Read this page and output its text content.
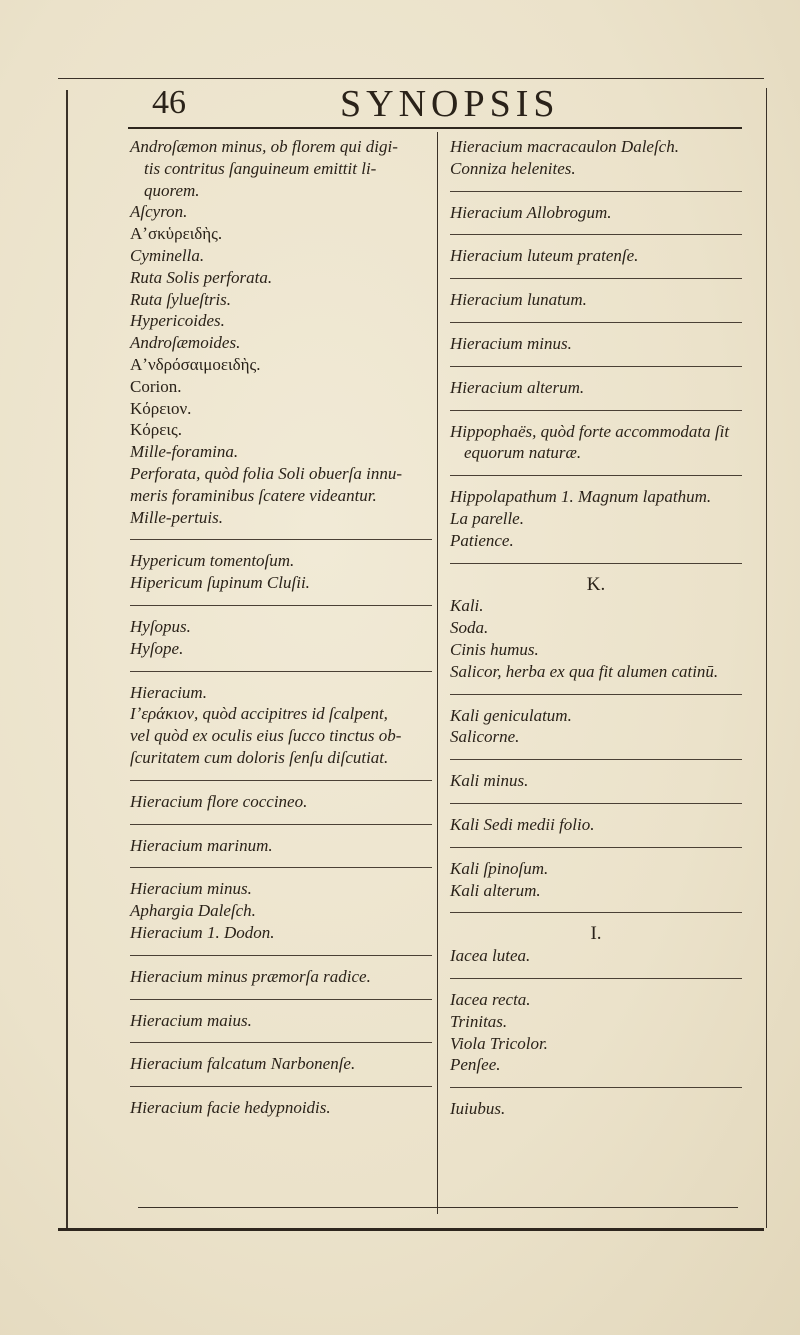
46	SYNOPSIS
Androſæmon minus, ob florem qui digi-
tis contritus ſanguineum emittit li-
quorem.
Aſcyron.
Aʼσκὑρειδὴς.
Cyminella.
Ruta Solis perforata.
Ruta ſylueſtris.
Hypericoides.
Androſæmoides.
Aʼνδρόσαιμοειδὴς.
Corion.
Κόρειον.
Κόρεις.
Mille-foramina.
Perforata, quòd folia Soli obuerſa innu-
meris foraminibus ſcatere videantur.
Mille-pertuis.
Hypericum tomentoſum.
Hipericum ſupinum Cluſii.
Hyſopus.
Hyſope.
Hieracium.
Iʼεράκιον, quòd accipitres id ſcalpent,
vel quòd ex oculis eius ſucco tinctus ob-
ſcuritatem cum doloris ſenſu diſcutiat.
Hieracium flore coccineo.
Hieracium marinum.
Hieracium minus.
Aphargia Daleſch.
Hieracium 1. Dodon.
Hieracium minus præmorſa radice.
Hieracium maius.
Hieracium falcatum Narbonenſe.
Hieracium facie hedypnoidis.
Hieracium macracaulon Daleſch.
Conniza helenites.
Hieracium Allobrogum.
Hieracium luteum pratenſe.
Hieracium lunatum.
Hieracium minus.
Hieracium alterum.
Hippophaës, quòd forte accommodata ſit
equorum naturæ.
Hippolapathum 1. Magnum lapathum.
La parelle.
Patience.
K.
Kali.
Soda.
Cinis humus.
Salicor, herba ex qua fit alumen catinū.
Kali geniculatum.
Salicorne.
Kali minus.
Kali Sedi medii folio.
Kali ſpinoſum.
Kali alterum.
I.
Iacea lutea.
Iacea recta.
Trinitas.
Viola Tricolor.
Penſee.
Iuiubus.
